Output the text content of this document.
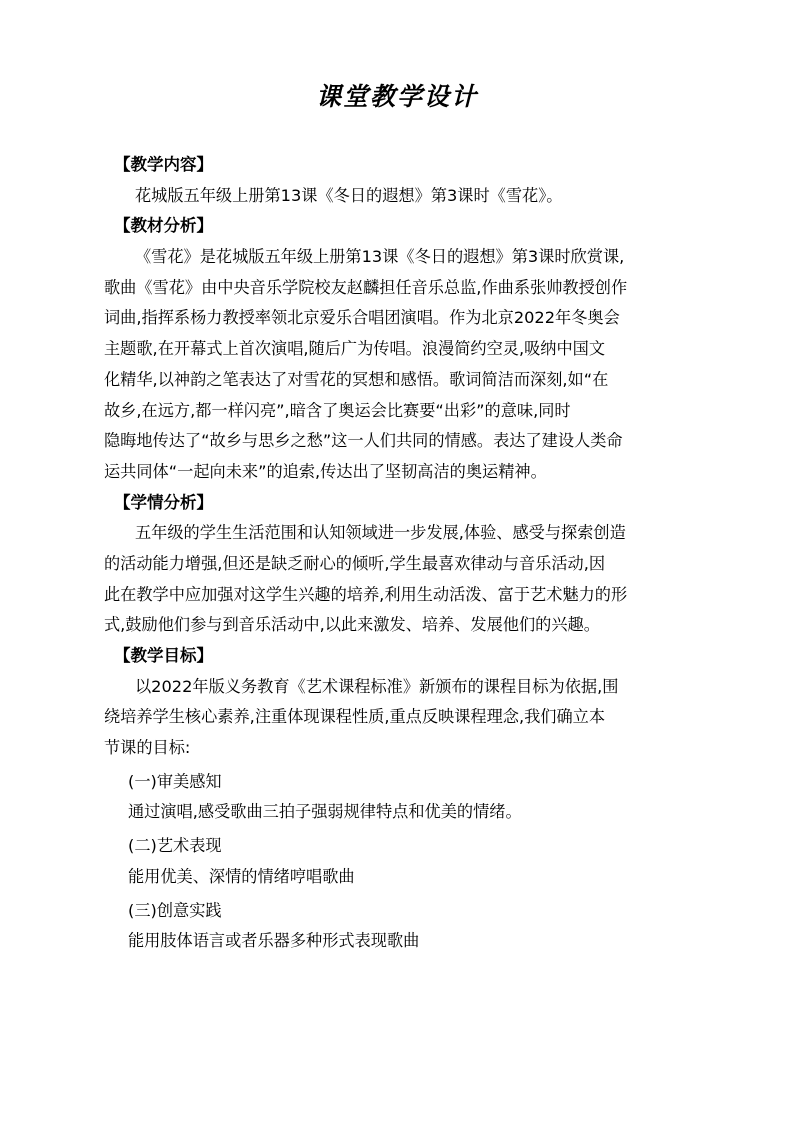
课堂教学设计
【教学内容】
花城版五年级上册第13课《冬日的遐想》第3课时《雪花》。
【教材分析】
《雪花》是花城版五年级上册第13课《冬日的遐想》第3课时欣赏课,
歌曲《雪花》由中央音乐学院校友赵麟担任音乐总监,作曲系张帅教授创作
词曲,指挥系杨力教授率领北京爱乐合唱团演唱。作为北京2022年冬奥会
主题歌,在开幕式上首次演唱,随后广为传唱。浪漫简约空灵,吸纳中国文
化精华,以神韵之笔表达了对雪花的冥想和感悟。歌词简洁而深刻,如“在
故乡,在远方,都一样闪亮”,暗含了奥运会比赛要“出彩”的意味,同时
隐晦地传达了“故乡与思乡之愁”这一人们共同的情感。表达了建设人类命
运共同体“一起向未来”的追索,传达出了坚韧高洁的奥运精神。
【学情分析】
五年级的学生生活范围和认知领域进一步发展,体验、感受与探索创造
的活动能力增强,但还是缺乏耐心的倾听,学生最喜欢律动与音乐活动,因
此在教学中应加强对这学生兴趣的培养,利用生动活泼、富于艺术魅力的形
式,鼓励他们参与到音乐活动中,以此来激发、培养、发展他们的兴趣。
【教学目标】
以2022年版义务教育《艺术课程标准》新颁布的课程目标为依据,围
绕培养学生核心素养,注重体现课程性质,重点反映课程理念,我们确立本
节课的目标:
(一)审美感知
通过演唱,感受歌曲三拍子强弱规律特点和优美的情绪。
(二)艺术表现
能用优美、深情的情绪哼唱歌曲
(三)创意实践
能用肢体语言或者乐器多种形式表现歌曲
